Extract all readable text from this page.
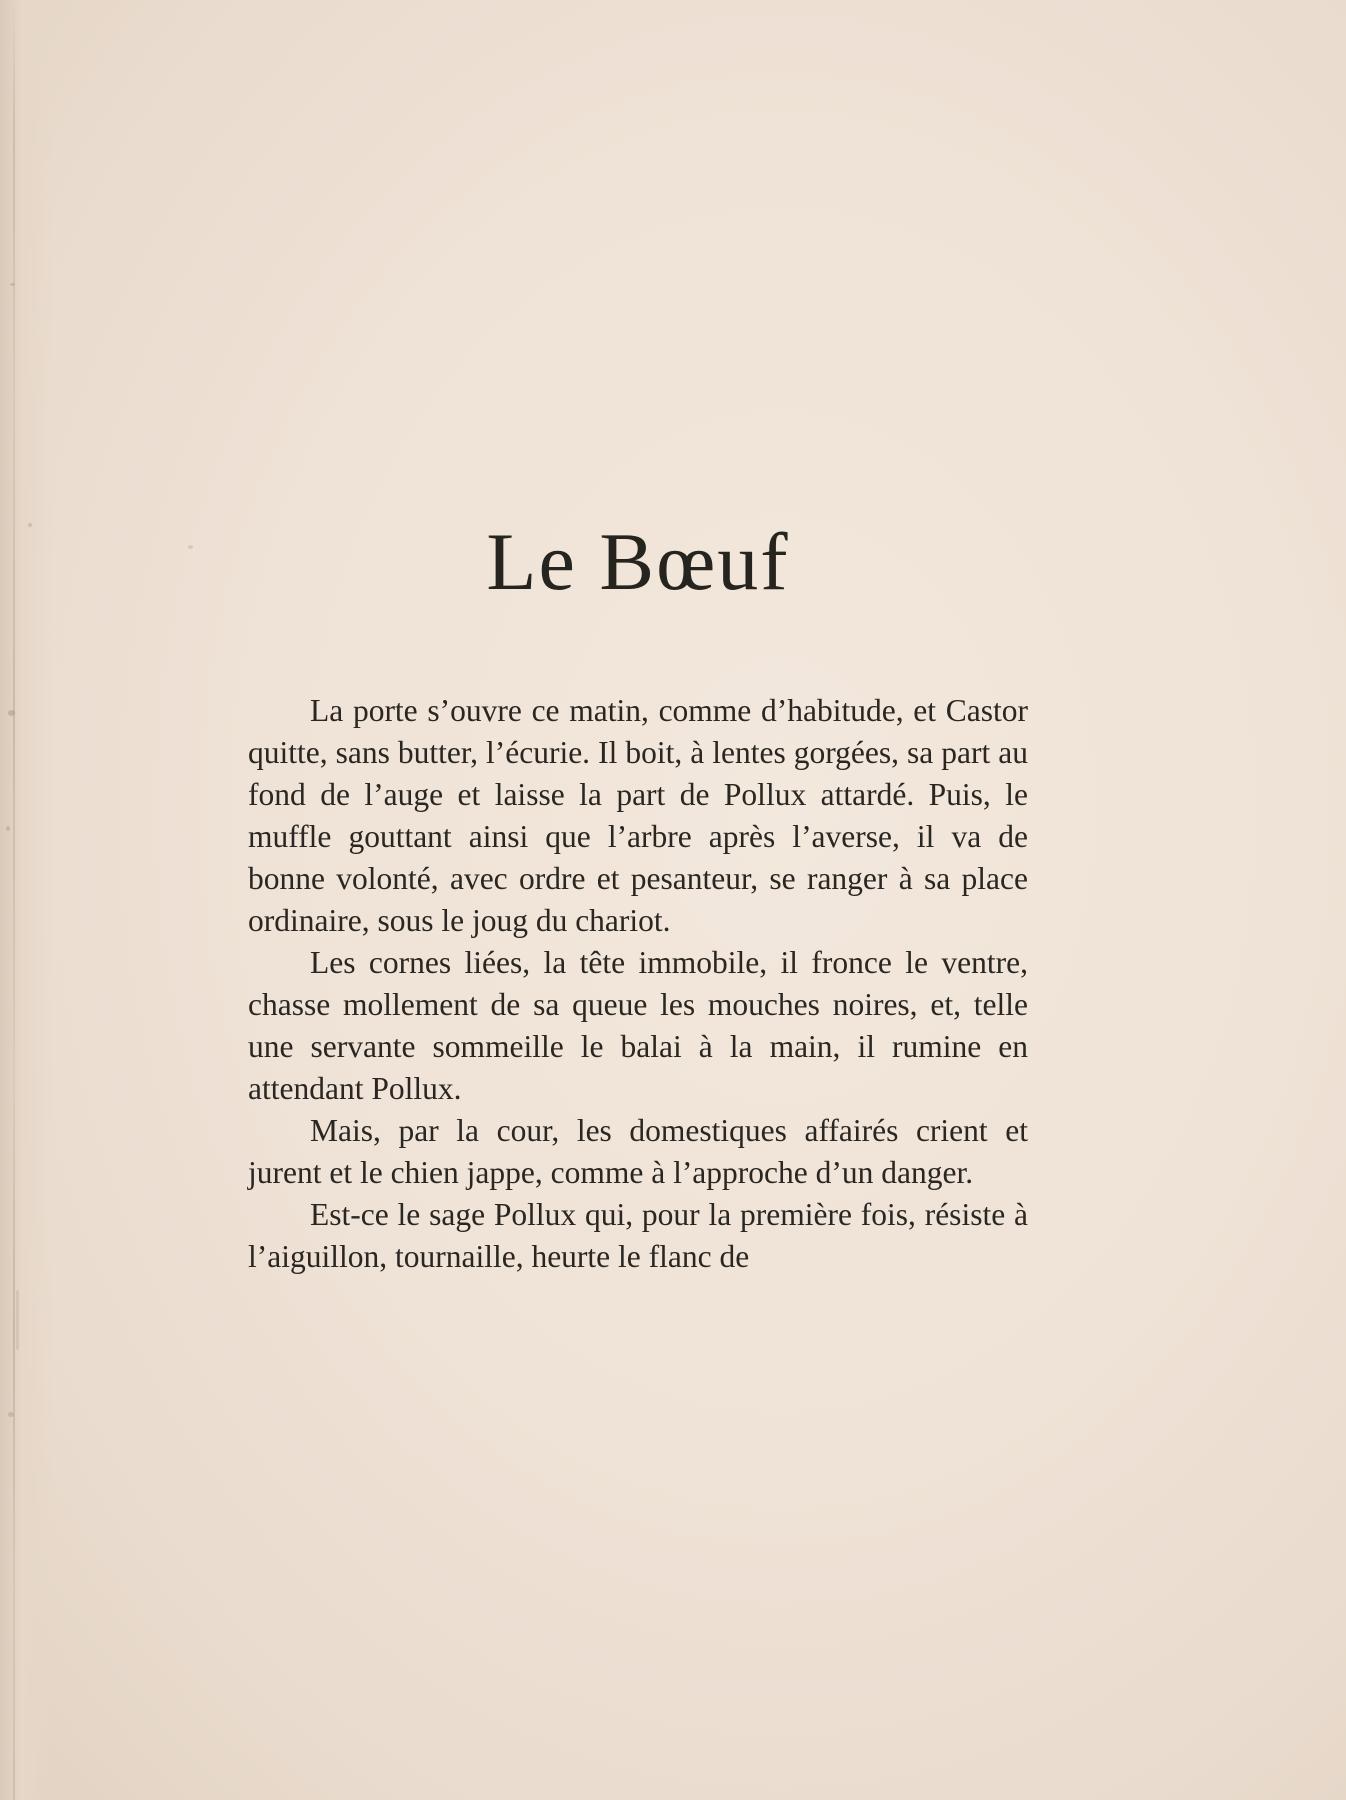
Le Bœuf

La porte s’ouvre ce matin, comme d’habitude, et Castor quitte, sans butter, l’écurie. Il boit, à lentes gorgées, sa part au fond de l’auge et laisse la part de Pollux attardé. Puis, le muffle gouttant ainsi que l’arbre après l’averse, il va de bonne volonté, avec ordre et pesanteur, se ranger à sa place ordinaire, sous le joug du chariot.

Les cornes liées, la tête immobile, il fronce le ventre, chasse mollement de sa queue les mouches noires, et, telle une servante sommeille le balai à la main, il rumine en attendant Pollux.

Mais, par la cour, les domestiques affairés crient et jurent et le chien jappe, comme à l’approche d’un danger.

Est-ce le sage Pollux qui, pour la première fois, résiste à l’aiguillon, tournaille, heurte le flanc de
